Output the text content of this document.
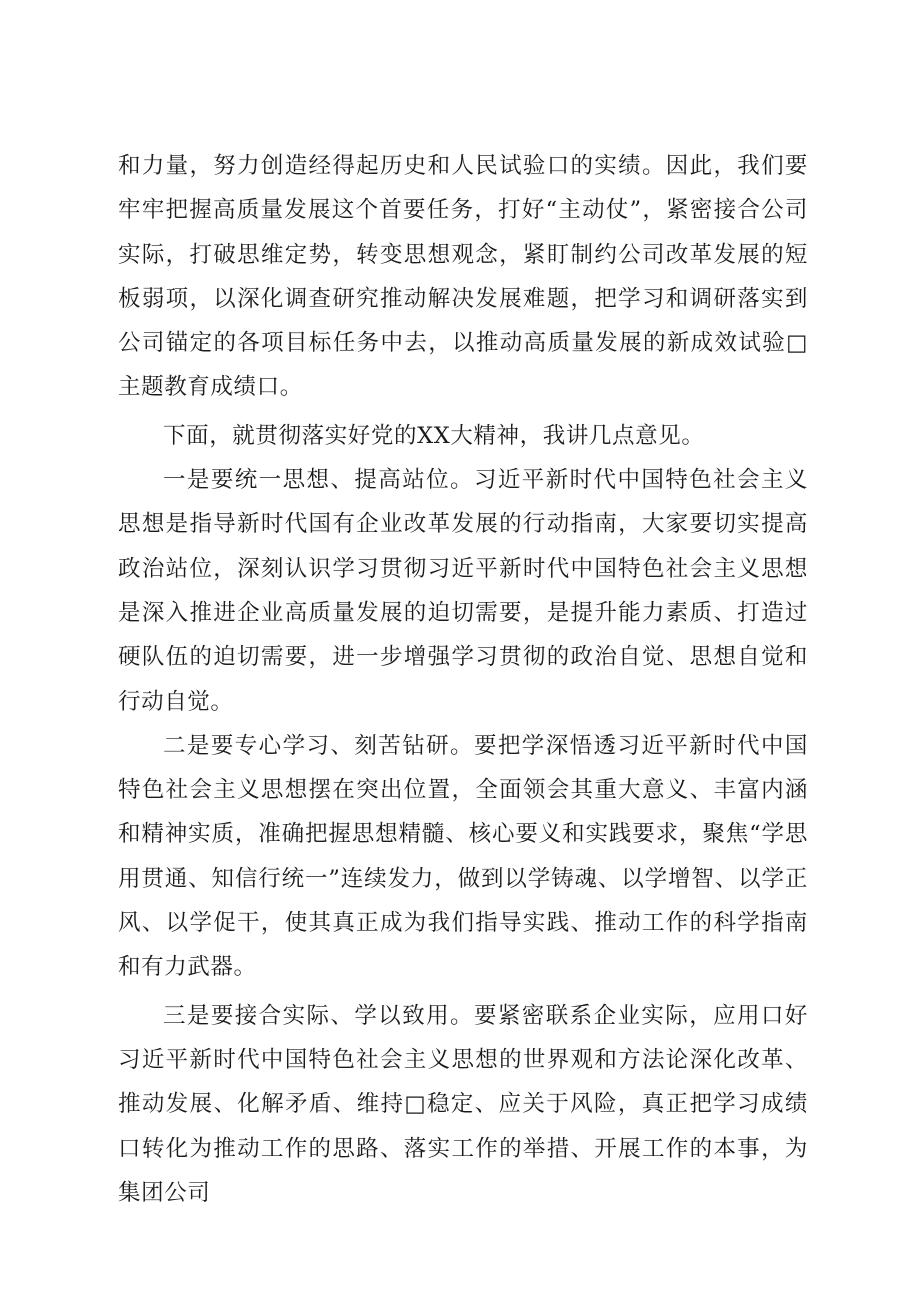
和力量，努力创造经得起历史和人民试验口的实绩。因此，我们要牢牢把握高质量发展这个首要任务，打好“主动仗”，紧密接合公司实际，打破思维定势，转变思想观念，紧盯制约公司改革发展的短板弱项，以深化调查研究推动解决发展难题，把学习和调研落实到公司锚定的各项目标任务中去，以推动高质量发展的新成效试验□主题教育成绩口。

下面，就贯彻落实好党的XX大精神，我讲几点意见。

一是要统一思想、提高站位。习近平新时代中国特色社会主义思想是指导新时代国有企业改革发展的行动指南，大家要切实提高政治站位，深刻认识学习贯彻习近平新时代中国特色社会主义思想是深入推进企业高质量发展的迫切需要，是提升能力素质、打造过硬队伍的迫切需要，进一步增强学习贯彻的政治自觉、思想自觉和行动自觉。

二是要专心学习、刻苦钻研。要把学深悟透习近平新时代中国特色社会主义思想摆在突出位置，全面领会其重大意义、丰富内涵和精神实质，准确把握思想精髓、核心要义和实践要求，聚焦“学思用贯通、知信行统一”连续发力，做到以学铸魂、以学增智、以学正风、以学促干，使其真正成为我们指导实践、推动工作的科学指南和有力武器。

三是要接合实际、学以致用。要紧密联系企业实际，应用口好习近平新时代中国特色社会主义思想的世界观和方法论深化改革、推动发展、化解矛盾、维持□稳定、应关于风险，真正把学习成绩口转化为推动工作的思路、落实工作的举措、开展工作的本事，为集团公司
